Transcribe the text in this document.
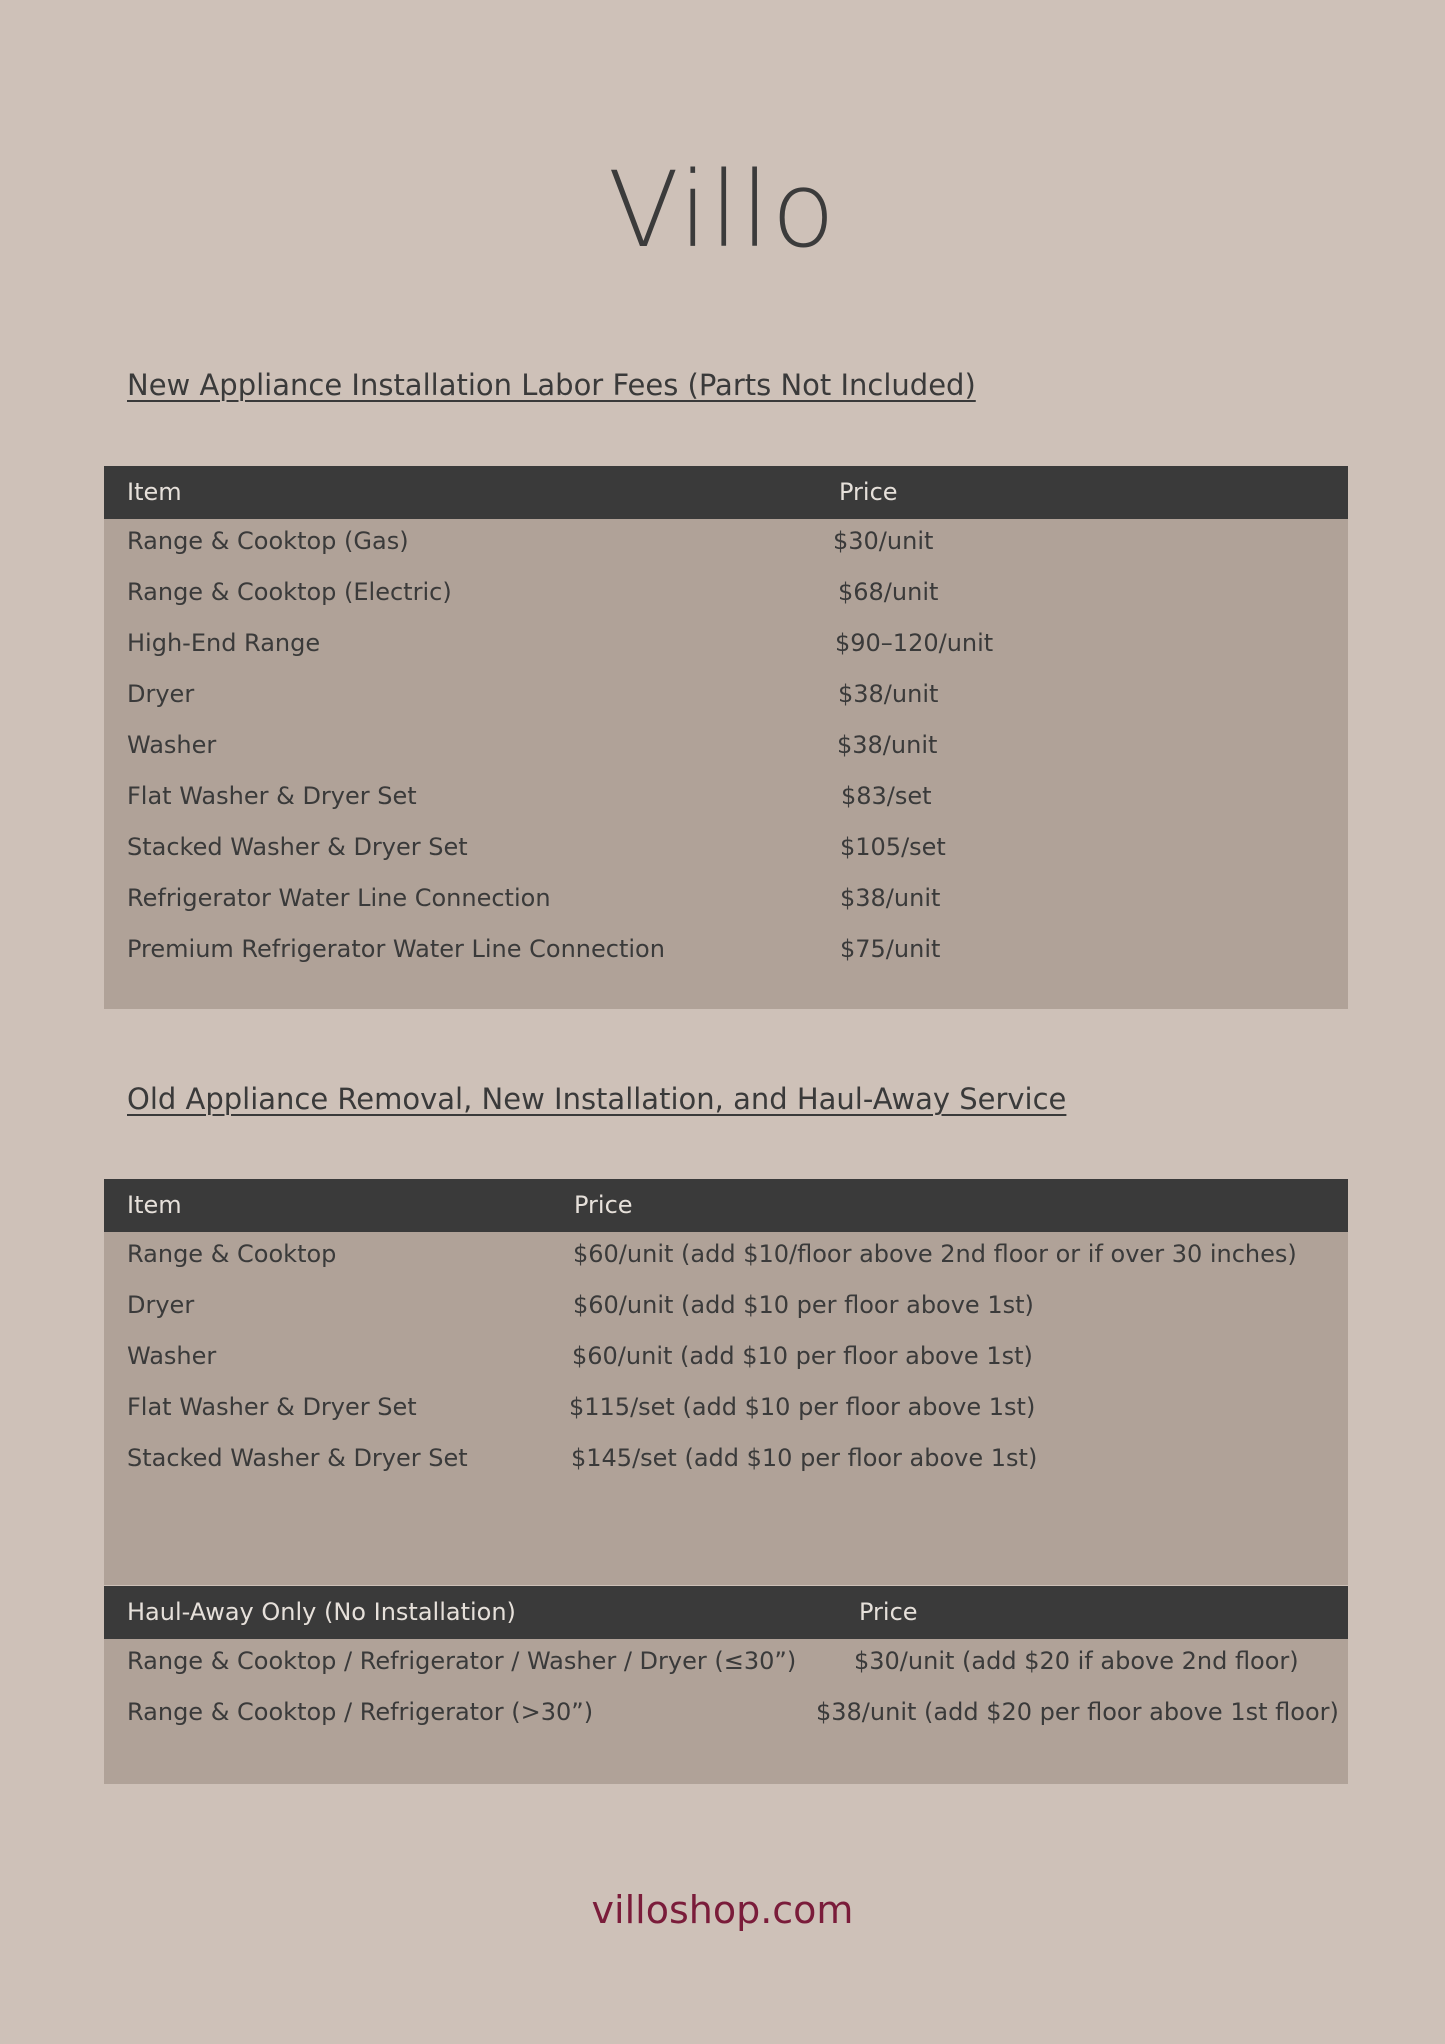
Villo
New Appliance Installation Labor Fees (Parts Not Included)
Item	Price
Range & Cooktop (Gas)	$30/unit
Range & Cooktop (Electric)	$68/unit
High-End Range	$90–120/unit
Dryer	$38/unit
Washer	$38/unit
Flat Washer & Dryer Set	$83/set
Stacked Washer & Dryer Set	$105/set
Refrigerator Water Line Connection	$38/unit
Premium Refrigerator Water Line Connection	$75/unit
Old Appliance Removal, New Installation, and Haul-Away Service
Item	Price
Range & Cooktop	$60/unit (add $10/floor above 2nd floor or if over 30 inches)
Dryer	$60/unit (add $10 per floor above 1st)
Washer	$60/unit (add $10 per floor above 1st)
Flat Washer & Dryer Set	$115/set (add $10 per floor above 1st)
Stacked Washer & Dryer Set	$145/set (add $10 per floor above 1st)
Haul-Away Only (No Installation)	Price
Range & Cooktop / Refrigerator / Washer / Dryer (≤30”) $30/unit (add $20 if above 2nd floor)
Range & Cooktop / Refrigerator (>30”)	$38/unit (add $20 per floor above 1st floor)
villoshop.com
